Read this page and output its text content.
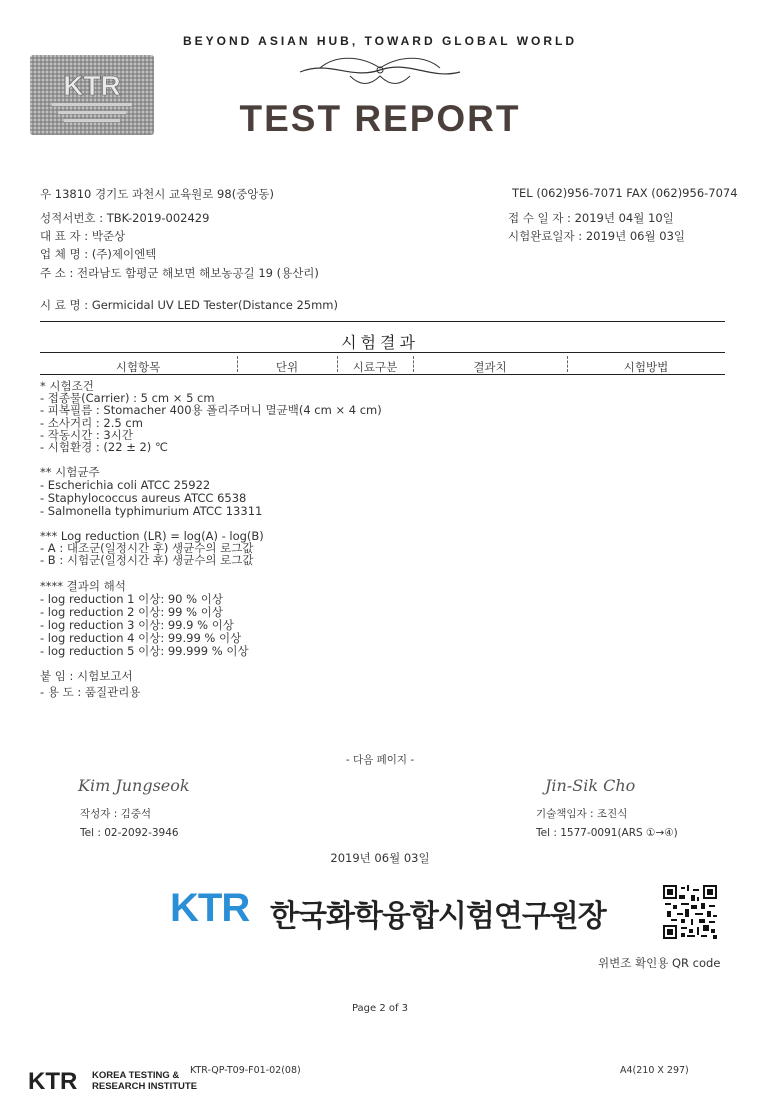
BEYOND ASIAN HUB, TOWARD GLOBAL WORLD
KTR
TEST REPORT
우 13810 경기도 과천시 교육원로 98(중앙동)	TEL (062)956-7071 FAX (062)956-7074
성적서번호 : TBK-2019-002429
대 표 자 : 박준상
업 체 명 : (주)제이엔텍
주 소 : 전라남도 함평군 해보면 해보농공길 19 (용산리)
접 수 일 자 : 2019년 04월 10일
시험완료일자 : 2019년 06월 03일
시 료 명 : Germicidal UV LED Tester(Distance 25mm)
시험결과
시험항목	단위	시료구분	결과치	시험방법
* 시험조건
- 접종물(Carrier) : 5 cm × 5 cm
- 피복필름 : Stomacher 400용 폴리주머니 멸균백(4 cm × 4 cm)
- 소사거리 : 2.5 cm
- 작동시간 : 3시간
- 시험환경 : (22 ± 2) ℃
** 시험균주
- Escherichia coli ATCC 25922
- Staphylococcus aureus ATCC 6538
- Salmonella typhimurium ATCC 13311
*** Log reduction (LR) = log(A) - log(B)
- A : 대조군(일정시간 후) 생균수의 로그값
- B : 시험군(일정시간 후) 생균수의 로그값
**** 결과의 해석
- log reduction 1 이상: 90 % 이상
- log reduction 2 이상: 99 % 이상
- log reduction 3 이상: 99.9 % 이상
- log reduction 4 이상: 99.99 % 이상
- log reduction 5 이상: 99.999 % 이상
붙 임 : 시험보고서
- 용 도 : 품질관리용
- 다음 페이지 -
Kim Jungseok
작성자 : 김중석
Tel : 02-2092-3946
Jin-Sik Cho
기술책임자 : 조진식
Tel : 1577-0091(ARS ①→④)
2019년 06월 03일
KTR 한국화학융합시험연구원장
위변조 확인용 QR code
Page 2 of 3
KTR KOREA TESTING &
RESEARCH INSTITUTE
KTR-QP-T09-F01-02(08)	A4(210 X 297)
